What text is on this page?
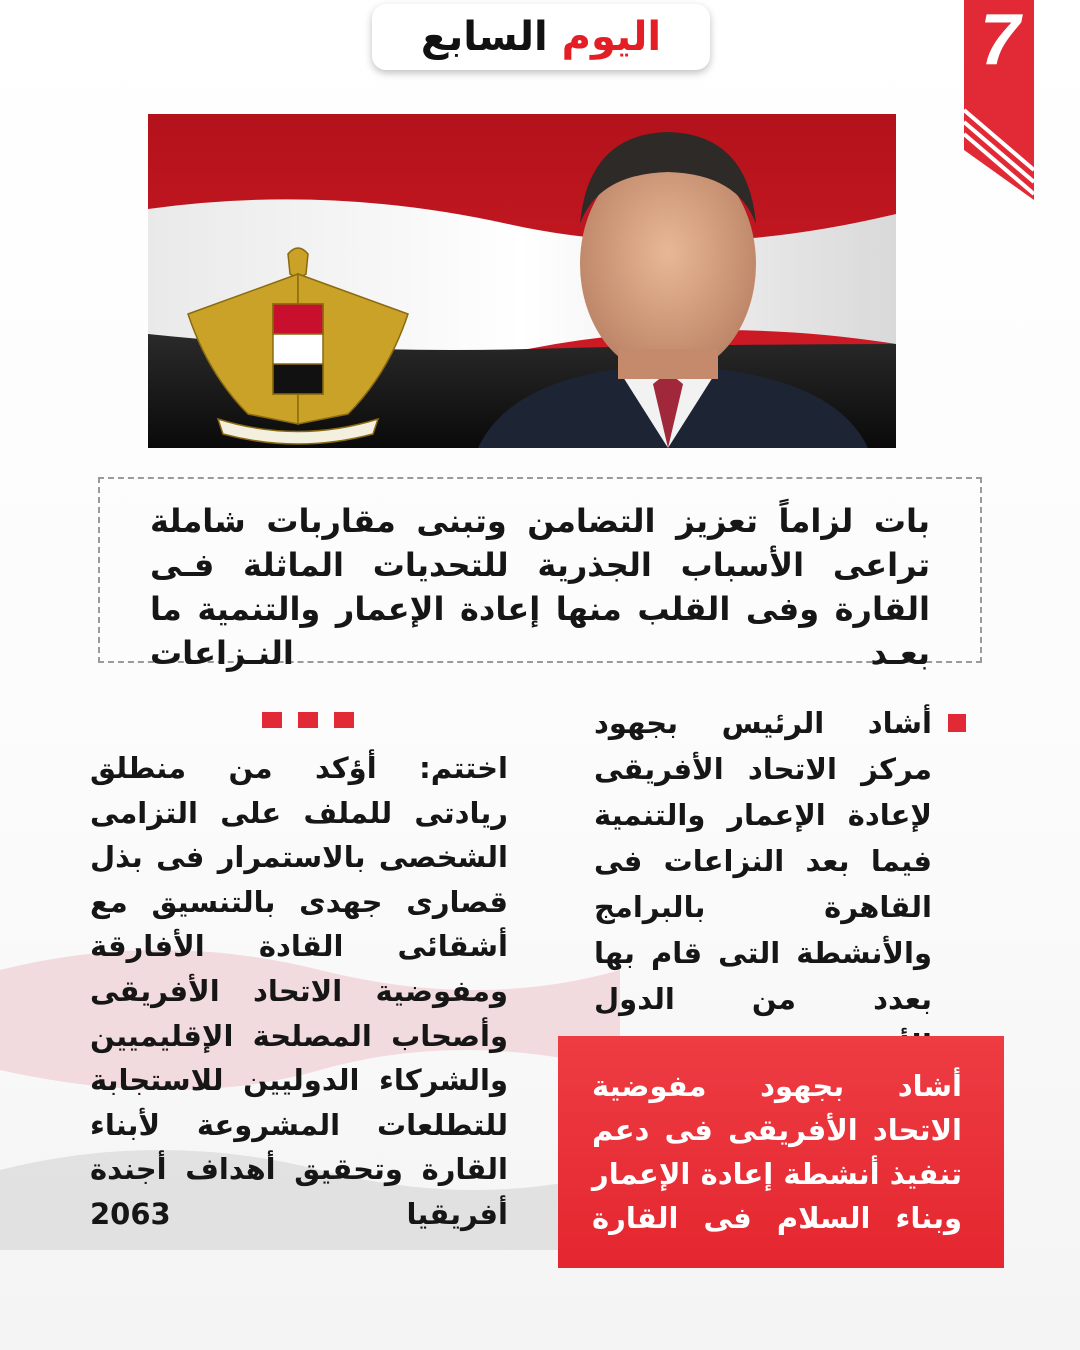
اليوم السابع	7
بات لزاماً تعزيز التضامن وتبنى مقاربات شاملة تراعى الأسباب الجذرية للتحديات الماثلة فـى القارة وفى القلب منها إعادة الإعمار والتنمية ما بعـد النـزاعات
أشاد الرئيس بجهود مركز الاتحاد الأفريقى لإعادة الإعمار والتنمية فيما بعد النزاعات فى القاهرة بالبرامج والأنشطة التى قام بها بعدد من الدول
أشاد بجهود مفوضية الاتحاد الأفريقى فى دعم تنفيذ أنشطة إعادة الإعمار وبناء السلام فى القارة
اختتم: أؤكد من منطلق ريادتى للملف على التزامى الشخصى بالاستمرار فى بذل قصارى جهدى بالتنسيق مع أشقائى القادة الأفارقة ومفوضية الاتحاد الأفريقى وأصحاب المصلحة الإقليميين والشركاء الدوليين للاستجابة للتطلعات المشروعة لأبناء القارة وتحقيق أهداف أجندة أفريقيا 2063
